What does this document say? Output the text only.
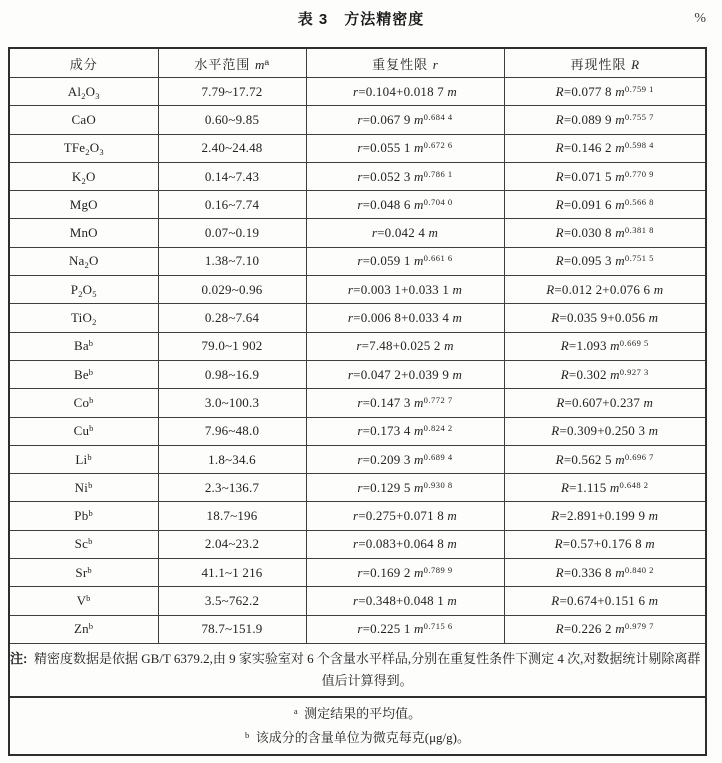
表 3　方法精密度	%
成分	水平范围 $m^a$	重复性限 r	再现性限 R
$Al_2O_3$	7.79~17.72	r=0.104+0.018 7 m	R=0.077 8 $m^{0.759 1}$
CaO	0.60~9.85	r=0.067 9 $m^{0.684 4}$	R=0.089 9 $m^{0.755 7}$
$TFe_2O_3$	2.40~24.48	r=0.055 1 $m^{0.672 6}$	R=0.146 2 $m^{0.598 4}$
$K_2O$	0.14~7.43	r=0.052 3 $m^{0.786 1}$	R=0.071 5 $m^{0.770 9}$
MgO	0.16~7.74	r=0.048 6 $m^{0.704 0}$	R=0.091 6 $m^{0.566 8}$
MnO	0.07~0.19	r=0.042 4 m	R=0.030 8 $m^{0.381 8}$
$Na_2O$	1.38~7.10	r=0.059 1 $m^{0.661 6}$	R=0.095 3 $m^{0.751 5}$
$P_2O_5$	0.029~0.96	r=0.003 1+0.033 1 m	R=0.012 2+0.076 6 m
TiO$_2$	0.28~7.64	r=0.006 8+0.033 4 m	R=0.035 9+0.056 m
Ba$^b$	79.0~1 902	r=7.48+0.025 2 m	R=1.093 $m^{0.669 5}$
Be$^b$	0.98~16.9	r=0.047 2+0.039 9 m	R=0.302 $m^{0.927 3}$
Co$^b$	3.0~100.3	r=0.147 3 $m^{0.772 7}$	R=0.607+0.237 m
Cu$^b$	7.96~48.0	r=0.173 4 $m^{0.824 2}$	R=0.309+0.250 3 m
Li$^b$	1.8~34.6	r=0.209 3 $m^{0.689 4}$	R=0.562 5 $m^{0.696 7}$
Ni$^b$	2.3~136.7	r=0.129 5 $m^{0.930 8}$	R=1.115 $m^{0.648 2}$
Pb$^b$	18.7~196	r=0.275+0.071 8 m	R=2.891+0.199 9 m
Sc$^b$	2.04~23.2	r=0.083+0.064 8 m	R=0.57+0.176 8 m
Sr$^b$	41.1~1 216	r=0.169 2 $m^{0.789 9}$	R=0.336 8 $m^{0.840 2}$
$V^b$	3.5~762.2	r=0.348+0.048 1 m	R=0.674+0.151 6 m
Zn$^b$	78.7~151.9	r=0.225 1 $m^{0.715 6}$	R=0.226 2 $m^{0.979 7}$

注: 精密度数据是依据 GB/T 6379.2,由 9 家实验室对 6 个含量水平样品,分别在重复性条件下测定 4 次,对数据统计剔除离群值后计算得到。			

$^a$ 测定结果的平均值。
$^b$ 该成分的含量单位为微克每克(μg/g)。			
